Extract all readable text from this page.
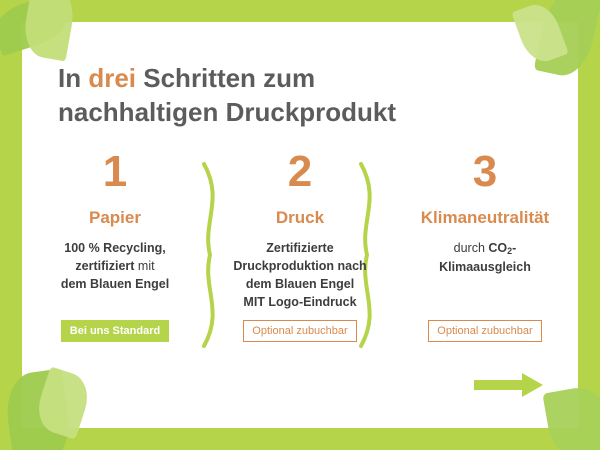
In drei Schritten zum
nachhaltigen Druckprodukt
1
Papier
100 % Recycling,
zertifiziert mit
dem Blauen Engel
2
Druck
Zertifizierte
Druckproduktion nach
dem Blauen Engel
MIT Logo-Eindruck
3
Klimaneutralität
durch $CO_2-$
Klimaausgleich
Bei uns Standard	Optional zubuchbar	Optional zubuchbar
